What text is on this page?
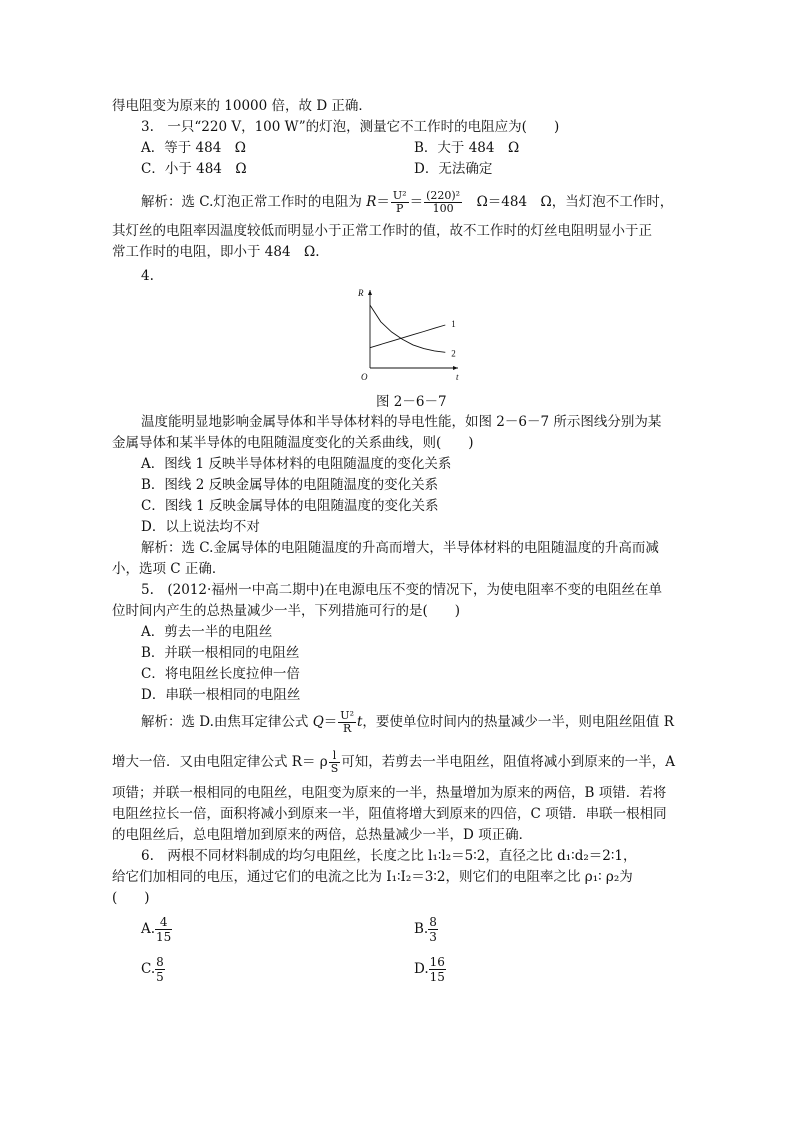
得电阻变为原来的 10000 倍，故 D 正确．
3.　一只“220 V，100 W”的灯泡，测量它不工作时的电阻应为(　　)
A．等于 484　Ω	B．大于 484　Ω
C．小于 484　Ω	D．无法确定
解析：选 C.灯泡正常工作时的电阻为 $R= \frac{\text{U²}}{P} = \frac{\text{(220)²}}{100}$ 　Ω＝484　Ω，当灯泡不工作时，
其灯丝的电阻率因温度较低而明显小于正常工作时的值，故不工作时的灯丝电阻明显小于正
常工作时的电阻，即小于 484　Ω.
4.
R
t
O
1
2
图 2－6－7
温度能明显地影响金属导体和半导体材料的导电性能，如图 2－6－7 所示图线分别为某
金属导体和某半导体的电阻随温度变化的关系曲线，则(　　)
A．图线 1 反映半导体材料的电阻随温度的变化关系
B．图线 2 反映金属导体的电阻随温度的变化关系
C．图线 1 反映金属导体的电阻随温度的变化关系
D．以上说法均不对
解析：选 C.金属导体的电阻随温度的升高而增大，半导体材料的电阻随温度的升高而减
小，选项 C 正确．
5.　(2012·福州一中高二期中)在电源电压不变的情况下，为使电阻率不变的电阻丝在单
位时间内产生的总热量减少一半，下列措施可行的是(　　)
A．剪去一半的电阻丝
B．并联一根相同的电阻丝
C．将电阻丝长度拉伸一倍
D．串联一根相同的电阻丝
解析：选 D.由焦耳定律公式 $Q= \frac{\text{U²}}{R}$ t，要使单位时间内的热量减少一半，则电阻丝阻值 R
增大一倍．又由电阻定律公式 R＝ ρ $\frac{l}{S}$ 可知，若剪去一半电阻丝，阻值将减小到原来的一半，A
项错；并联一根相同的电阻丝，电阻变为原来的一半，热量增加为原来的两倍，B 项错．若将
电阻丝拉长一倍，面积将减小到原来一半，阻值将增大到原来的四倍，C 项错．串联一根相同
的电阻丝后，总电阻增加到原来的两倍，总热量减少一半，D 项正确．
6.　两根不同材料制成的均匀电阻丝，长度之比 l₁∶l₂＝5∶2，直径之比 d₁∶d₂＝2∶1，
给它们加相同的电压，通过它们的电流之比为 I₁∶I₂＝3∶2，则它们的电阻率之比 ρ₁∶ ρ₂为
(　　)
A. $\frac{4}{15}$	B. $\frac{8}{3}$
C. $\frac{8}{5}$	D. $\frac{16}{15}$
